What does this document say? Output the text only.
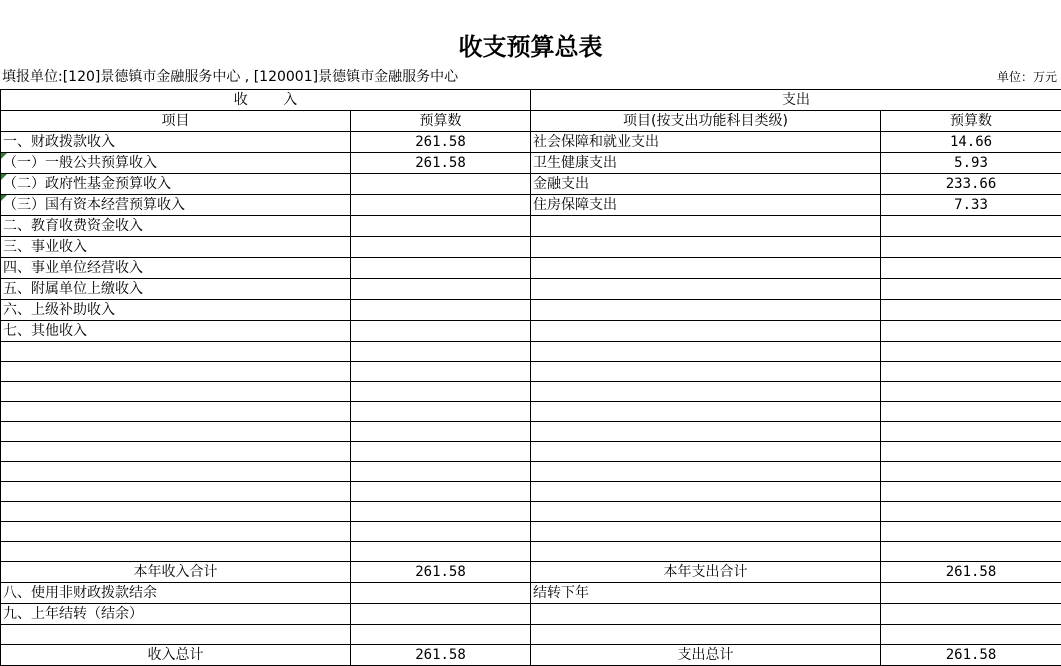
收支预算总表
填报单位:[120]景德镇市金融服务中心 , [120001]景德镇市金融服务中心	单位：万元
收        入		支出	
项目	预算数	项目(按支出功能科目类级)	预算数
一、财政拨款收入	261.58	社会保障和就业支出	14.66
（一）一般公共预算收入	261.58	卫生健康支出	5.93
（二）政府性基金预算收入		金融支出	233.66
（三）国有资本经营预算收入		住房保障支出	7.33
二、教育收费资金收入			
三、事业收入			
四、事业单位经营收入			
五、附属单位上缴收入			
六、上级补助收入			
七、其他收入			

本年收入合计	261.58	本年支出合计	261.58
八、使用非财政拨款结余		结转下年	
九、上年结转（结余）			

收入总计	261.58	支出总计	261.58
